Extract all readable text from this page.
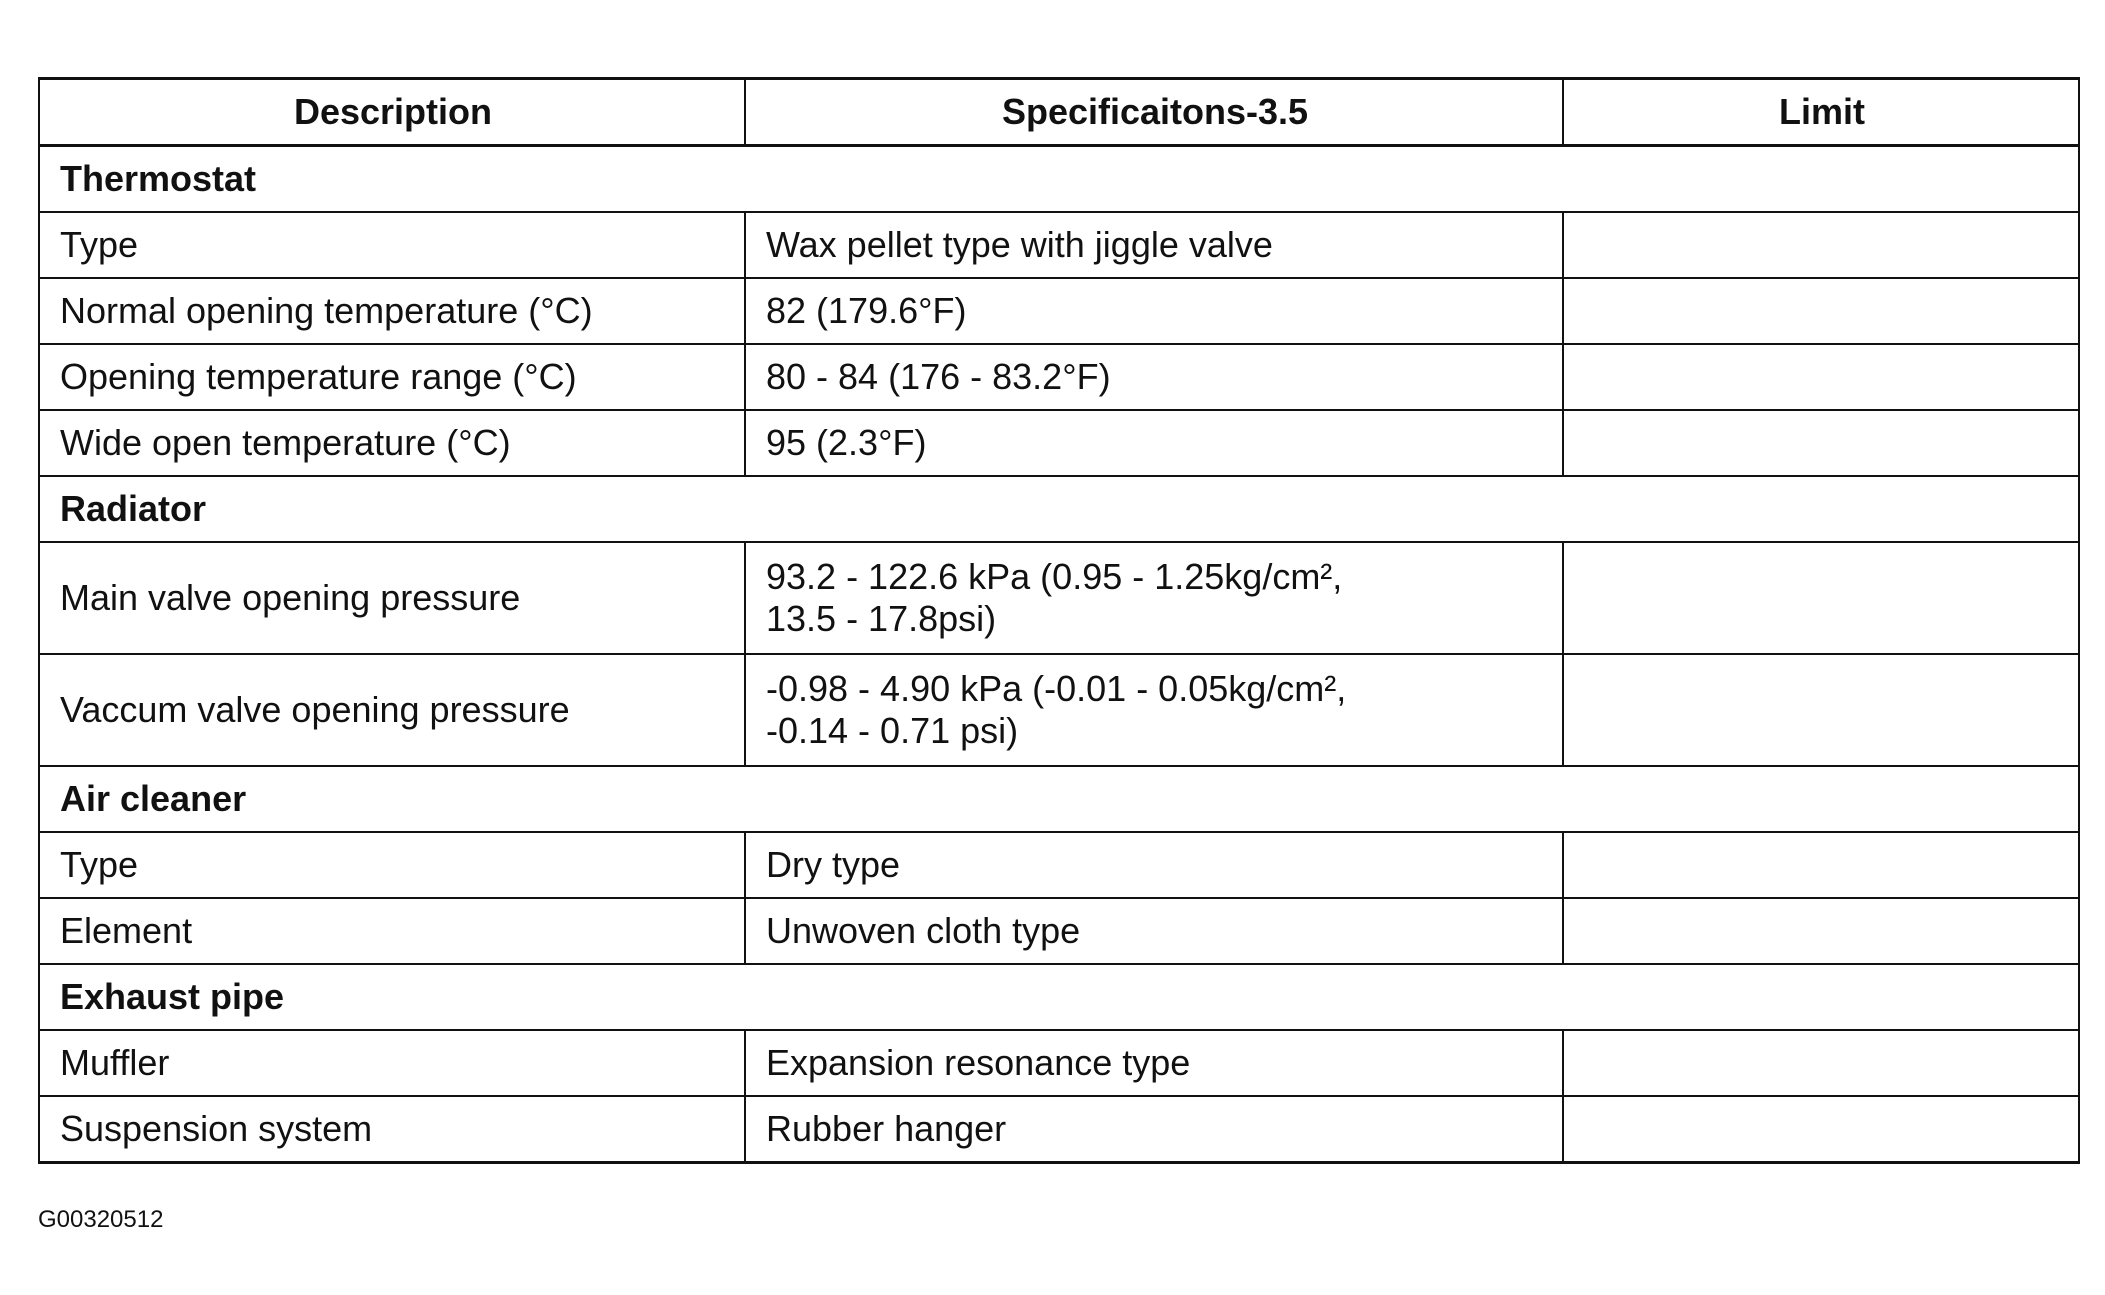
Description	Specificaitons-3.5	Limit
Thermostat		
Type	Wax pellet type with jiggle valve	
Normal opening temperature (°C)	82 (179.6°F)	
Opening temperature range (°C)	80 - 84 (176 - 83.2°F)	
Wide open temperature (°C)	95 (2.3°F)	
Radiator		
Main valve opening pressure	93.2 - 122.6 kPa (0.95 - 1.25kg/cm²,
13.5 - 17.8psi)	
Vaccum valve opening pressure	-0.98 - 4.90 kPa (-0.01 - 0.05kg/cm²,
-0.14 - 0.71 psi)	
Air cleaner		
Type	Dry type	
Element	Unwoven cloth type	
Exhaust pipe		
Muffler	Expansion resonance type	
Suspension system	Rubber hanger	
G00320512
